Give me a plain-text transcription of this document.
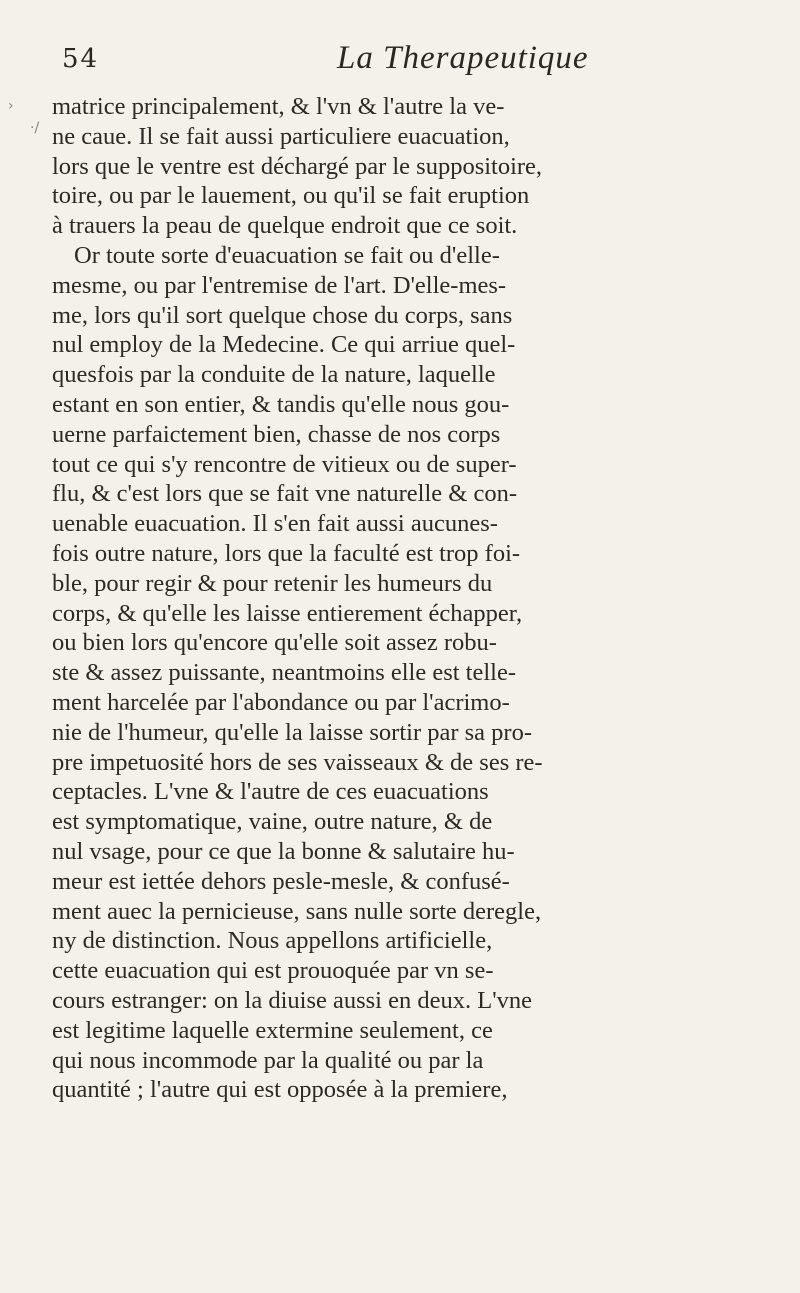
54	La Therapeutique
›
·/
matrice principalement, & l'vn & l'autre la ve-
ne caue. Il se fait aussi particuliere euacuation,
lors que le ventre est déchargé par le suppositoire,
toire, ou par le lauement, ou qu'il se fait eruption
à trauers la peau de quelque endroit que ce soit.
Or toute sorte d'euacuation se fait ou d'elle-
mesme, ou par l'entremise de l'art. D'elle-mes-
me, lors qu'il sort quelque chose du corps, sans
nul employ de la Medecine. Ce qui arriue quel-
quesfois par la conduite de la nature, laquelle
estant en son entier, & tandis qu'elle nous gou-
uerne parfaictement bien, chasse de nos corps
tout ce qui s'y rencontre de vitieux ou de super-
flu, & c'est lors que se fait vne naturelle & con-
uenable euacuation. Il s'en fait aussi aucunes-
fois outre nature, lors que la faculté est trop foi-
ble, pour regir & pour retenir les humeurs du
corps, & qu'elle les laisse entierement échapper,
ou bien lors qu'encore qu'elle soit assez robu-
ste & assez puissante, neantmoins elle est telle-
ment harcelée par l'abondance ou par l'acrimo-
nie de l'humeur, qu'elle la laisse sortir par sa pro-
pre impetuosité hors de ses vaisseaux & de ses re-
ceptacles. L'vne & l'autre de ces euacuations
est symptomatique, vaine, outre nature, & de
nul vsage, pour ce que la bonne & salutaire hu-
meur est iettée dehors pesle-mesle, & confusé-
ment auec la pernicieuse, sans nulle sorte deregle,
ny de distinction. Nous appellons artificielle,
cette euacuation qui est prouoquée par vn se-
cours estranger: on la diuise aussi en deux. L'vne
est legitime laquelle extermine seulement, ce
qui nous incommode par la qualité ou par la
quantité ; l'autre qui est opposée à la premiere,
